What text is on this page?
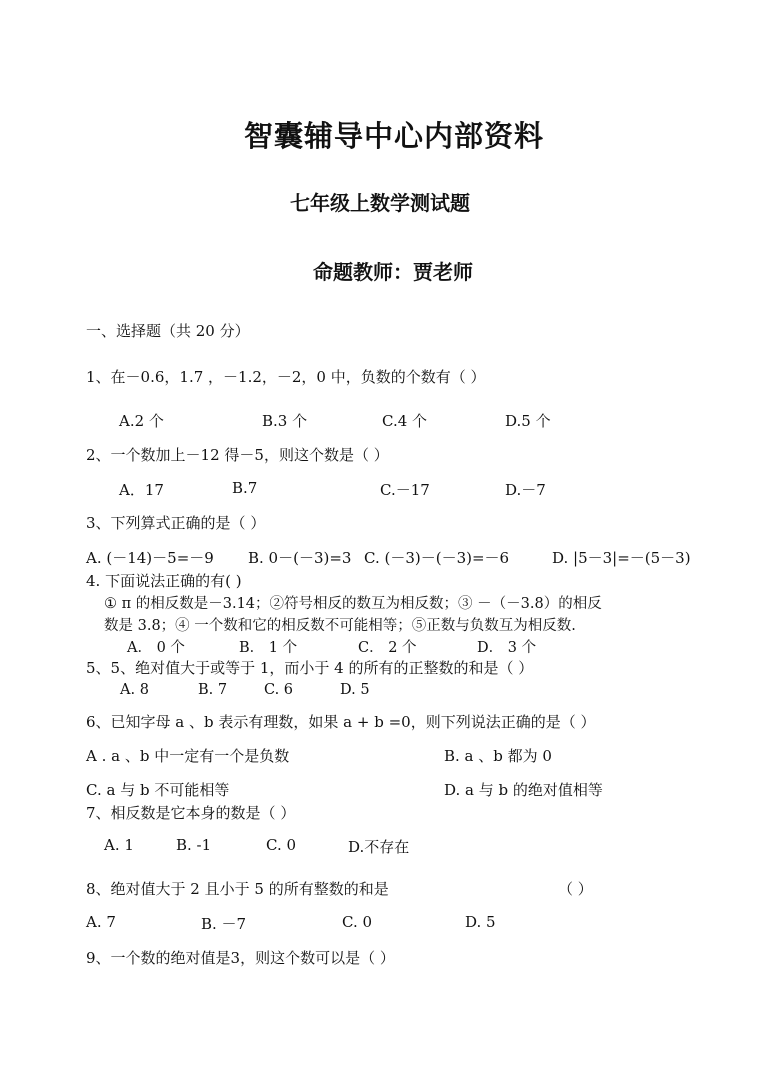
智囊辅导中心内部资料
七年级上数学测试题
命题教师：贾老师
一、选择题（共 20 分）
1、在－0.6，1.7 ，－1.2，－2，0 中，负数的个数有（ ）
A.2 个	B.3 个	C.4 个	D.5 个
2、一个数加上－12 得－5，则这个数是（ ）
A．17	B.7	C.－17	D.－7
3、下列算式正确的是（ ）
A. (－14)－5=－9 B. 0－(－3)=3 C. (－3)－(－3)=－6	D. |5－3|=－(5－3)
4. 下面说法正确的有( )
① π 的相反数是－3.14；②符号相反的数互为相反数；③ －（－3.8）的相反
数是 3.8；④ 一个数和它的相反数不可能相等；⑤正数与负数互为相反数.
A． 0 个	B． 1 个	C． 2 个	D． 3 个
5、5、绝对值大于或等于 1，而小于 4 的所有的正整数的和是（ ）
A. 8	B. 7	C. 6	D. 5
6、已知字母 a 、b 表示有理数，如果 a + b =0，则下列说法正确的是（ ）
A . a 、b 中一定有一个是负数	B. a 、b 都为 0
C. a 与 b 不可能相等	D. a 与 b 的绝对值相等
7、相反数是它本身的数是（ ）
A. 1	B. -1	C. 0	D.不存在
8、绝对值大于 2 且小于 5 的所有整数的和是	（ ）
A. 7	B. －7	C. 0	D. 5
9、一个数的绝对值是3，则这个数可以是（ ）
